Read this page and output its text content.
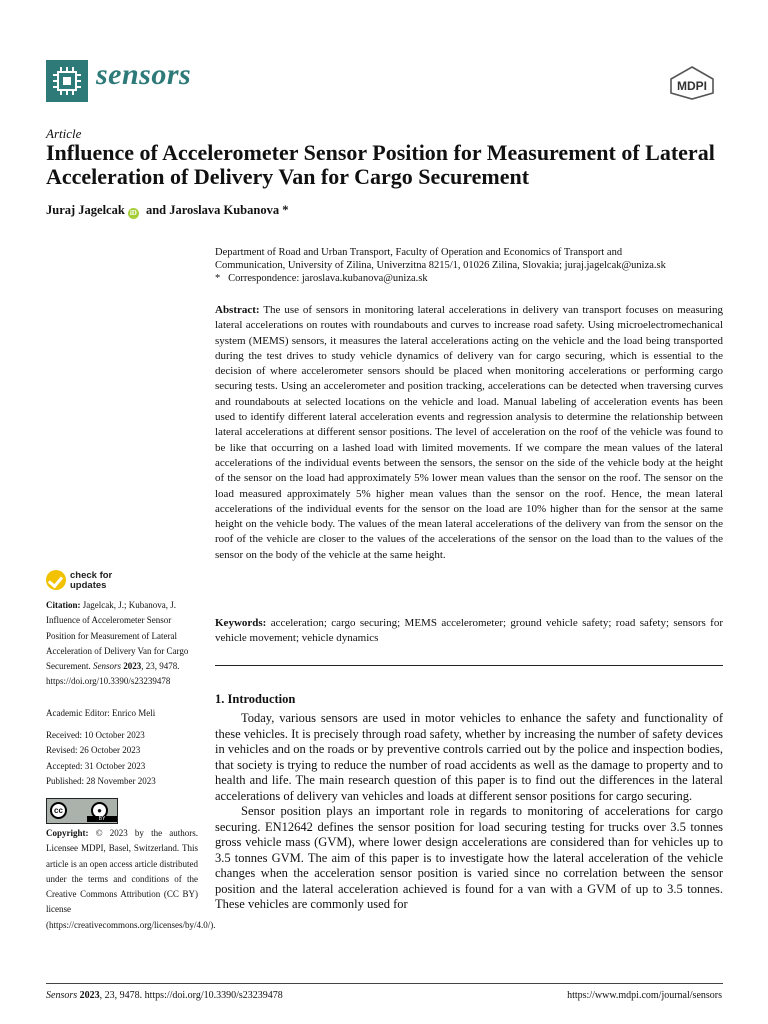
sensors	MDPI
Article
Influence of Accelerometer Sensor Position for Measurement of Lateral Acceleration of Delivery Van for Cargo Securement
Juraj Jagelcak iD and Jaroslava Kubanova *
Department of Road and Urban Transport, Faculty of Operation and Economics of Transport and
Communication, University of Zilina, Univerzitna 8215/1, 01026 Zilina, Slovakia; juraj.jagelcak@uniza.sk
* Correspondence: jaroslava.kubanova@uniza.sk
Abstract: The use of sensors in monitoring lateral accelerations in delivery van transport focuses on measuring lateral accelerations on routes with roundabouts and curves to increase road safety. Using microelectromechanical system (MEMS) sensors, it measures the lateral accelerations acting on the vehicle and the load being transported during the test drives to study vehicle dynamics of delivery van for cargo securing, which is essential to the decision of where accelerometer sensors should be placed when monitoring accelerations or performing cargo securing tests. Using an accelerometer and position tracking, accelerations can be detected when traversing curves and roundabouts at selected locations on the vehicle and load. Manual labeling of acceleration events has been used to identify different lateral acceleration events and regression analysis to determine the relationship between lateral accelerations at different sensor positions. The level of acceleration on the roof of the vehicle was found to be like that occurring on a lashed load with limited movements. If we compare the mean values of the lateral accelerations of the individual events between the sensors, the sensor on the side of the vehicle body at the height of the sensor on the load had approximately 5% lower mean values than the sensor on the roof. The sensor on the load measured approximately 5% higher mean values than the sensor on the roof. Hence, the mean lateral accelerations of the individual events for the sensor on the load are 10% higher than for the sensor at the same height on the vehicle body. The values of the mean lateral accelerations of the delivery van from the sensor on the roof of the vehicle are closer to the values of the accelerations of the sensor on the load than to the values of the sensor on the body of the vehicle at the same height.
Keywords: acceleration; cargo securing; MEMS accelerometer; ground vehicle safety; road safety; sensors for vehicle movement; vehicle dynamics
1. Introduction

Today, various sensors are used in motor vehicles to enhance the safety and functionality of these vehicles. It is precisely through road safety, whether by increasing the number of safety devices in vehicles and on the roads or by preventive controls carried out by the police and inspection bodies, that society is trying to reduce the number of road accidents as well as the damage to property and to health and life. The main research question of this paper is to find out the differences in the lateral accelerations of delivery van vehicles and loads at different sensor positions for cargo securing.

Sensor position plays an important role in regards to monitoring of accelerations for cargo securing. EN12642 defines the sensor position for load securing testing for trucks over 3.5 tonnes gross vehicle mass (GVM), where lower design accelerations are considered than for vehicles up to 3.5 tonnes GVM. The aim of this paper is to investigate how the lateral acceleration of the vehicle changes when the acceleration sensor position is varied since no correlation between the sensor position and the lateral acceleration achieved is found for a van with a GVM of up to 3.5 tonnes. These vehicles are commonly used for

check for
updates
Citation: Jagelcak, J.; Kubanova, J. Influence of Accelerometer Sensor Position for Measurement of Lateral Acceleration of Delivery Van for Cargo Securement. Sensors 2023, 23, 9478. https://doi.org/10.3390/s23239478
Academic Editor: Enrico Meli
Received: 10 October 2023
Revised: 26 October 2023
Accepted: 31 October 2023
Published: 28 November 2023
cc	●
BY
Copyright: © 2023 by the authors. Licensee MDPI, Basel, Switzerland. This article is an open access article distributed under the terms and conditions of the Creative Commons Attribution (CC BY) license (https://creativecommons.org/licenses/by/4.0/).
Sensors 2023, 23, 9478. https://doi.org/10.3390/s23239478	https://www.mdpi.com/journal/sensors
